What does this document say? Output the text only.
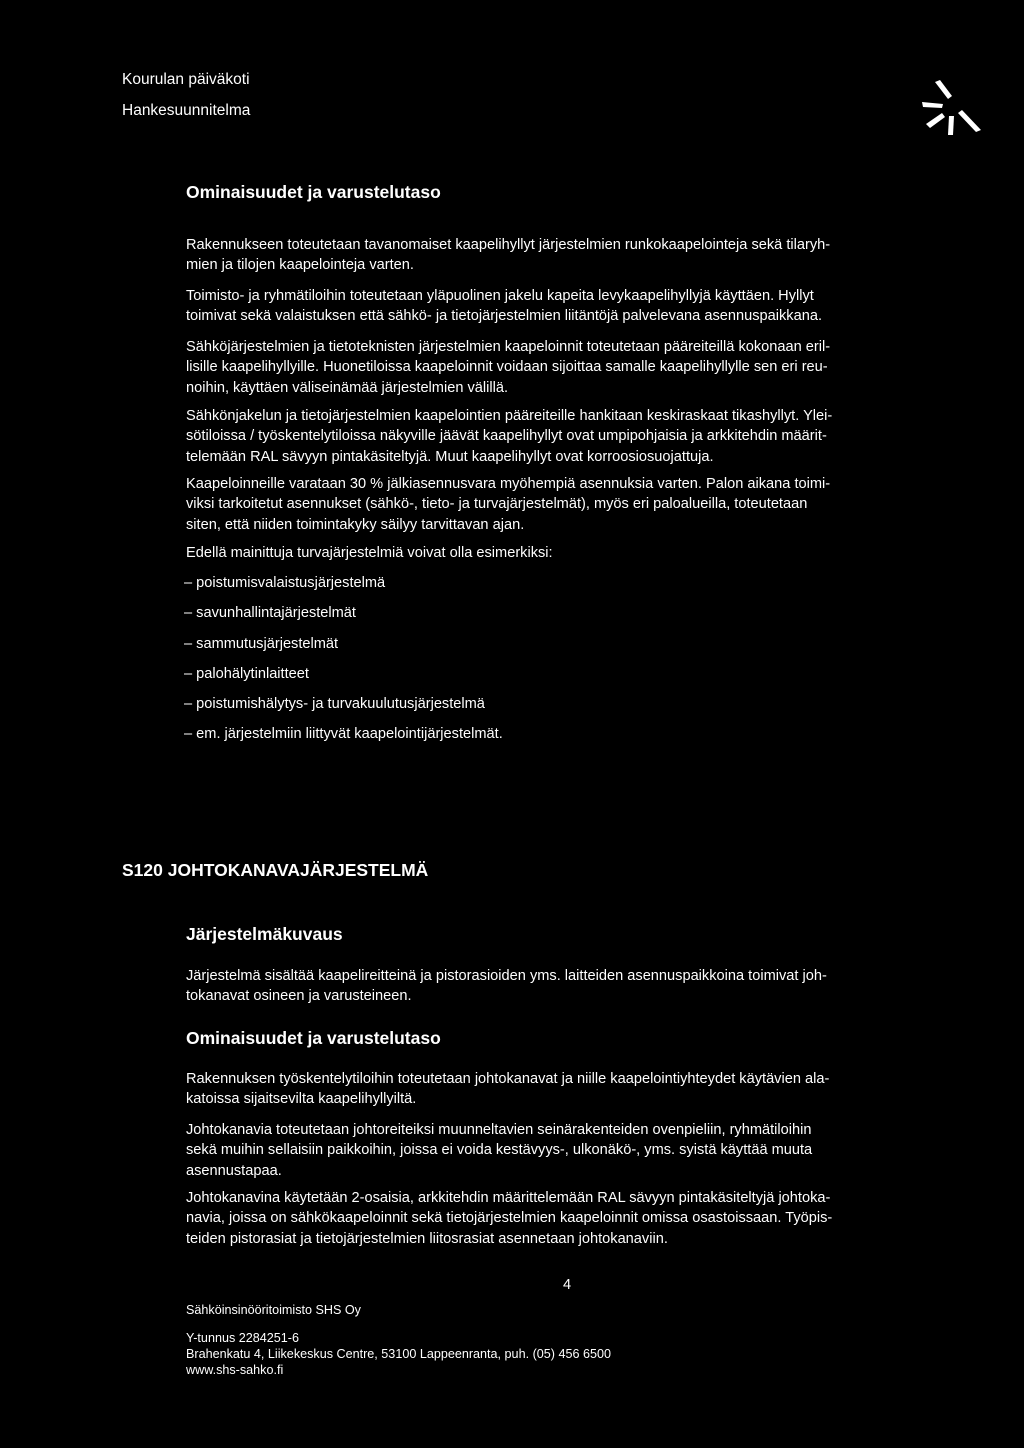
Kourulan päiväkoti
Hankesuunnitelma
Ominaisuudet ja varustelutaso
Rakennukseen toteutetaan tavanomaiset kaapelihyllyt järjestelmien runkokaapelointeja sekä tilaryh-
mien ja tilojen kaapelointeja varten.
Toimisto- ja ryhmätiloihin toteutetaan yläpuolinen jakelu kapeita levykaapelihyllyjä käyttäen. Hyllyt
toimivat sekä valaistuksen että sähkö- ja tietojärjestelmien liitäntöjä palvelevana asennuspaikkana.
Sähköjärjestelmien ja tietoteknisten järjestelmien kaapeloinnit toteutetaan pääreiteillä kokonaan eril-
lisille kaapelihyllyille. Huonetiloissa kaapeloinnit voidaan sijoittaa samalle kaapelihyllylle sen eri reu-
noihin, käyttäen väliseinämää järjestelmien välillä.
Sähkönjakelun ja tietojärjestelmien kaapelointien pääreiteille hankitaan keskiraskaat tikashyllyt. Ylei-
sötiloissa / työskentelytiloissa näkyville jäävät kaapelihyllyt ovat umpipohjaisia ja arkkitehdin määrit-
telemään RAL sävyyn pintakäsiteltyjä. Muut kaapelihyllyt ovat korroosiosuojattuja.
Kaapeloinneille varataan 30 % jälkiasennusvara myöhempiä asennuksia varten. Palon aikana toimi-
viksi tarkoitetut asennukset (sähkö-, tieto- ja turvajärjestelmät), myös eri paloalueilla, toteutetaan
siten, että niiden toimintakyky säilyy tarvittavan ajan.
Edellä mainittuja turvajärjestelmiä voivat olla esimerkiksi:
– poistumisvalaistusjärjestelmä
– savunhallintajärjestelmät
– sammutusjärjestelmät
– palohälytinlaitteet
– poistumishälytys- ja turvakuulutusjärjestelmä
– em. järjestelmiin liittyvät kaapelointijärjestelmät.
S120 JOHTOKANAVAJÄRJESTELMÄ
Järjestelmäkuvaus
Järjestelmä sisältää kaapelireitteinä ja pistorasioiden yms. laitteiden asennuspaikkoina toimivat joh-
tokanavat osineen ja varusteineen.
Ominaisuudet ja varustelutaso
Rakennuksen työskentelytiloihin toteutetaan johtokanavat ja niille kaapelointiyhteydet käytävien ala-
katoissa sijaitsevilta kaapelihyllyiltä.
Johtokanavia toteutetaan johtoreiteiksi muunneltavien seinärakenteiden ovenpieliin, ryhmätiloihin
sekä muihin sellaisiin paikkoihin, joissa ei voida kestävyys-, ulkonäkö-, yms. syistä käyttää muuta
asennustapaa.
Johtokanavina käytetään 2-osaisia, arkkitehdin määrittelemään RAL sävyyn pintakäsiteltyjä johtoka-
navia, joissa on sähkökaapeloinnit sekä tietojärjestelmien kaapeloinnit omissa osastoissaan. Työpis-
teiden pistorasiat ja tietojärjestelmien liitosrasiat asennetaan johtokanaviin.
4
Sähköinsinööritoimisto SHS Oy
Y-tunnus 2284251-6
Brahenkatu 4, Liikekeskus Centre, 53100 Lappeenranta, puh. (05) 456 6500
www.shs-sahko.fi
